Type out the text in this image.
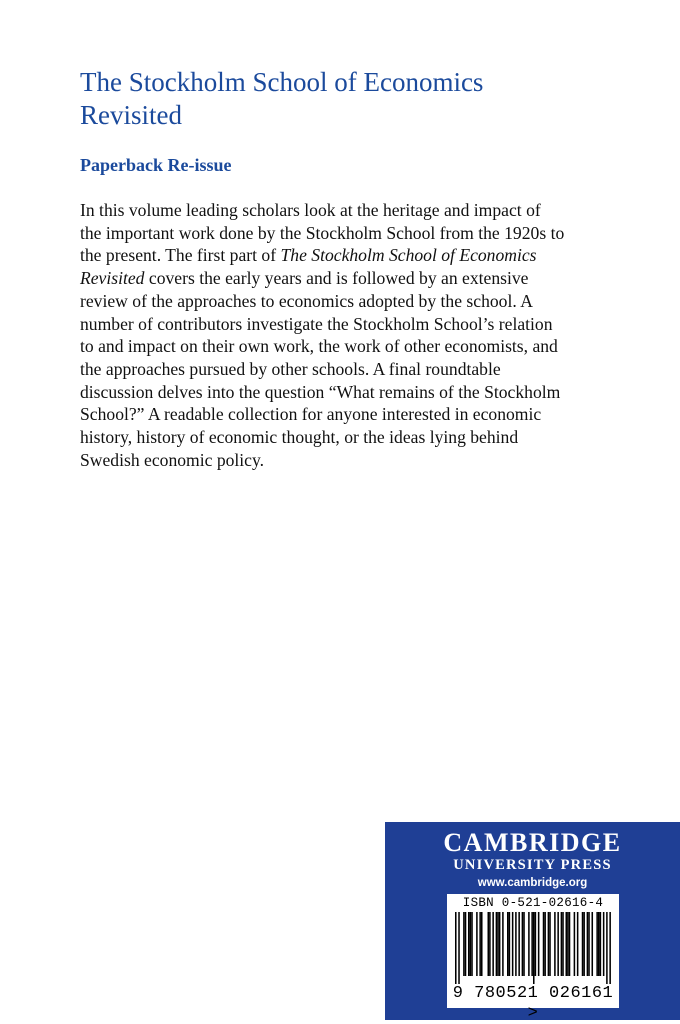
The Stockholm School of Economics
Revisited
Paperback Re-issue
In this volume leading scholars look at the heritage and impact of
the important work done by the Stockholm School from the 1920s to
the present. The first part of The Stockholm School of Economics
Revisited covers the early years and is followed by an extensive
review of the approaches to economics adopted by the school. A
number of contributors investigate the Stockholm School’s relation
to and impact on their own work, the work of other economists, and
the approaches pursued by other schools. A final roundtable
discussion delves into the question “What remains of the Stockholm
School?” A readable collection for anyone interested in economic
history, history of economic thought, or the ideas lying behind
Swedish economic policy.
CAMBRIDGE
UNIVERSITY PRESS
www.cambridge.org
ISBN 0-521-02616-4
9 780521 026161 >
